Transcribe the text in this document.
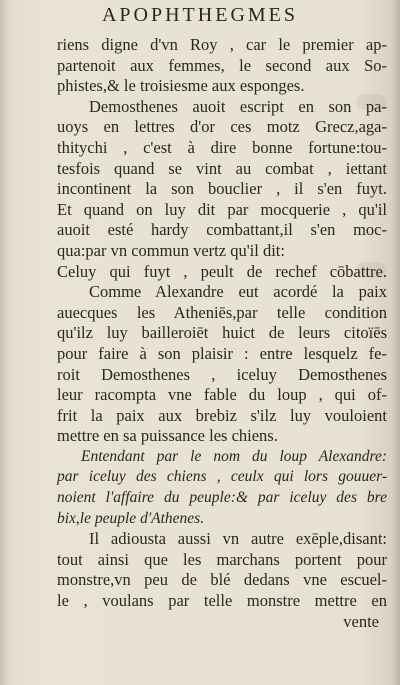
APOPHTHEGMES
riens digne d'vn Roy , car le premier ap-
partenoit aux femmes, le second aux So-
phistes,& le troisiesme aux esponges.
Demosthenes auoit escript en son pa-
uoys en lettres d'or ces motz Grecz,aga-
thitychi , c'est à dire bonne fortune:tou-
tesfois quand se vint au combat , iettant
incontinent la son bouclier , il s'en fuyt.
Et quand on luy dit par mocquerie , qu'il
auoit esté hardy combattant,il s'en moc-
qua:par vn commun vertz qu'il dit:
Celuy qui fuyt , peult de rechef cōbattre.
Comme Alexandre eut acordé la paix
auecques les Atheniēs,par telle condition
qu'ilz luy bailleroiēt huict de leurs citoïēs
pour faire à son plaisir : entre lesquelz fe-
roit Demosthenes , iceluy Demosthenes
leur racompta vne fable du loup , qui of-
frit la paix aux brebiz s'ilz luy vouloient
mettre en sa puissance les chiens.
Entendant par le nom du loup Alexandre:
par iceluy des chiens , ceulx qui lors gouuer-
noient l'affaire du peuple:& par iceluy des bre
bix,le peuple d'Athenes.
Il adiousta aussi vn autre exēple,disant:
tout ainsi que les marchans portent pour
monstre,vn peu de blé dedans vne escuel-
le , voulans par telle monstre mettre en
vente
